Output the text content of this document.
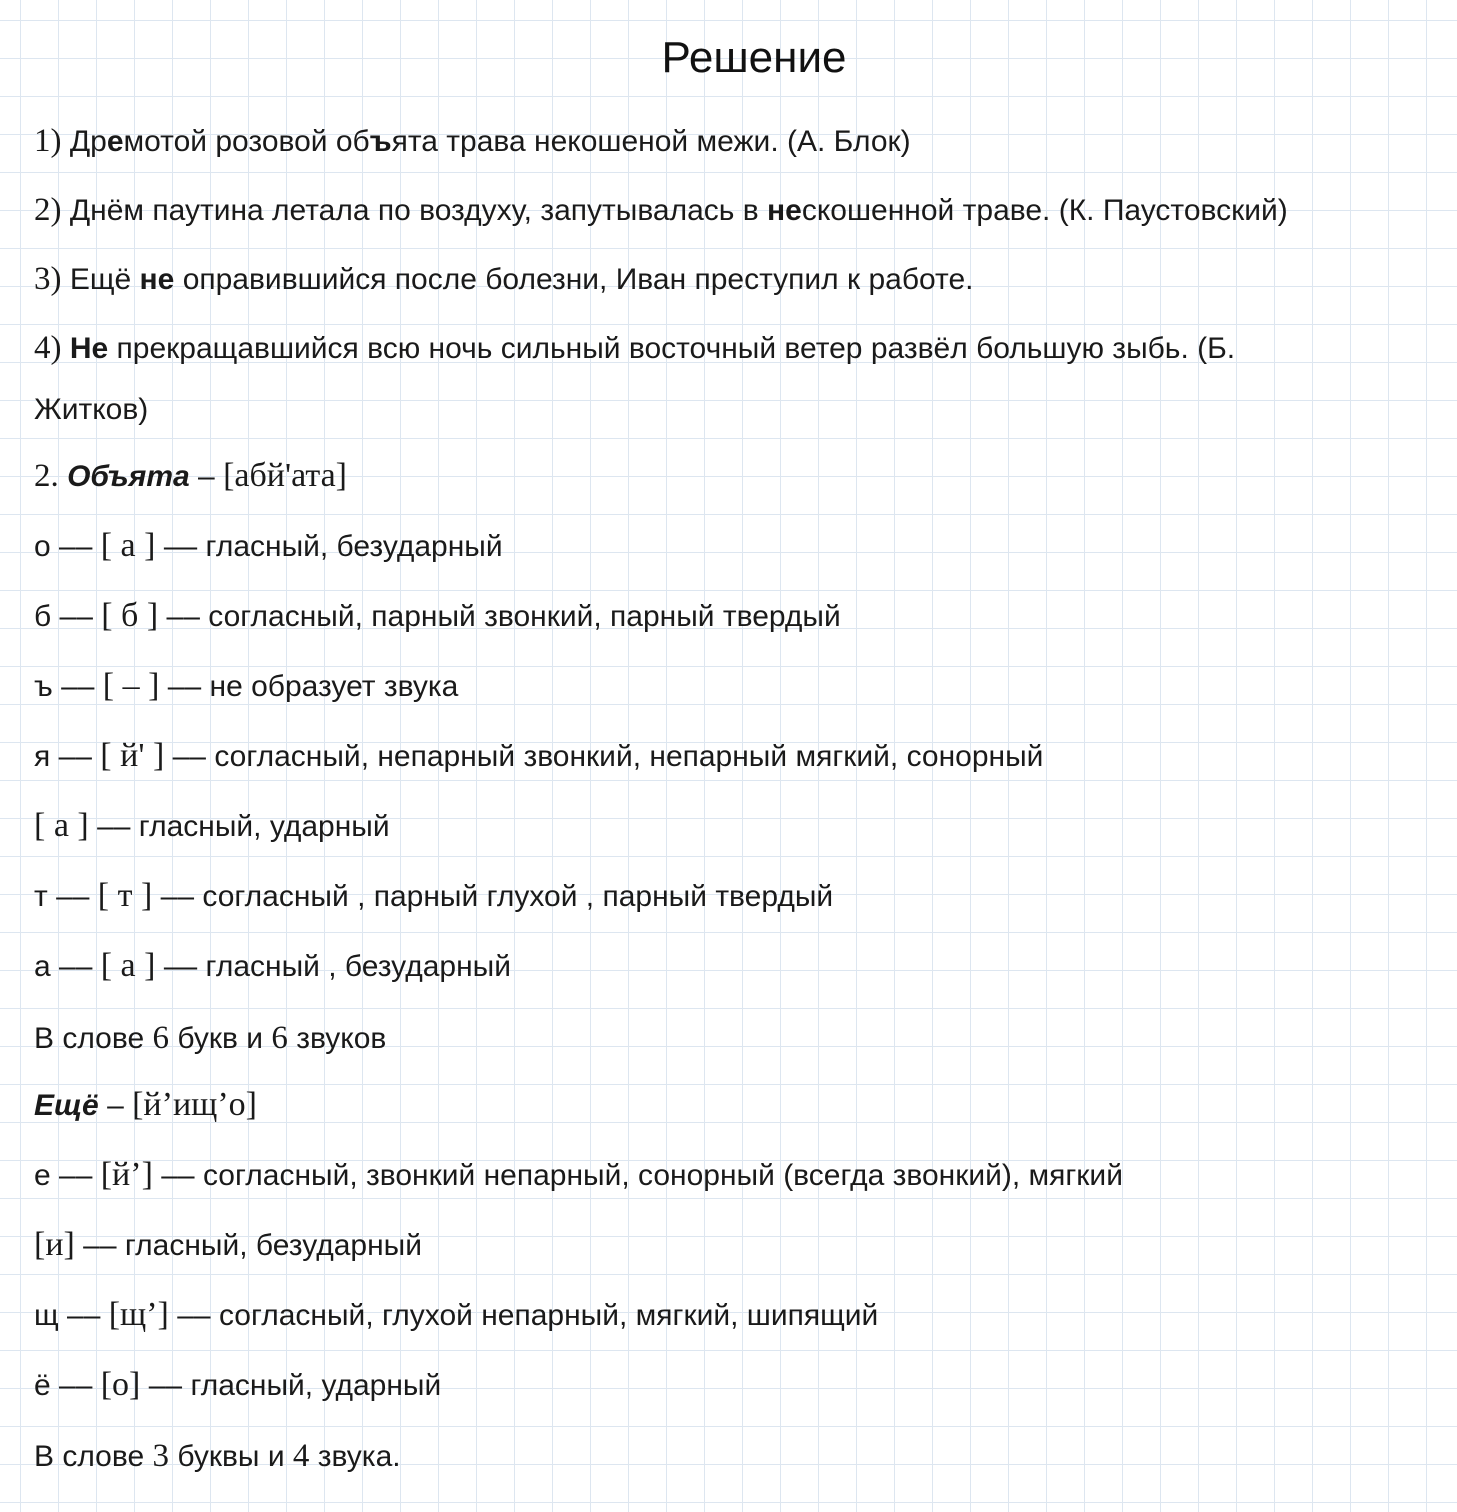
Решение
1) Дремотой розовой объята трава некошеной межи. (А. Блок)
2) Днём паутина летала по воздуху, запутывалась в нескошенной траве. (К. Паустовский)
3) Ещё не оправившийся после болезни, Иван преступил к работе.
4) Не прекращавшийся всю ночь сильный восточный ветер развёл большую зыбь. (Б.
Житков)
2. Объята – [абй'ата]
о –– [ а ] –– гласный, безударный
б –– [ б ] –– согласный, парный звонкий, парный твердый
ъ –– [ – ] –– не образует звука
я –– [ й' ] –– согласный, непарный звонкий, непарный мягкий, сонорный
[ а ] –– гласный, ударный
т –– [ т ] –– согласный , парный глухой , парный твердый
а –– [ а ] –– гласный , безударный
В слове 6 букв и 6 звуков
Ещё – [й’ищ’о]
е –– [й’] –– согласный, звонкий непарный, сонорный (всегда звонкий), мягкий
[и] –– гласный, безударный
щ –– [щ’] –– согласный, глухой непарный, мягкий, шипящий
ё –– [о] –– гласный, ударный
В слове 3 буквы и 4 звука.
